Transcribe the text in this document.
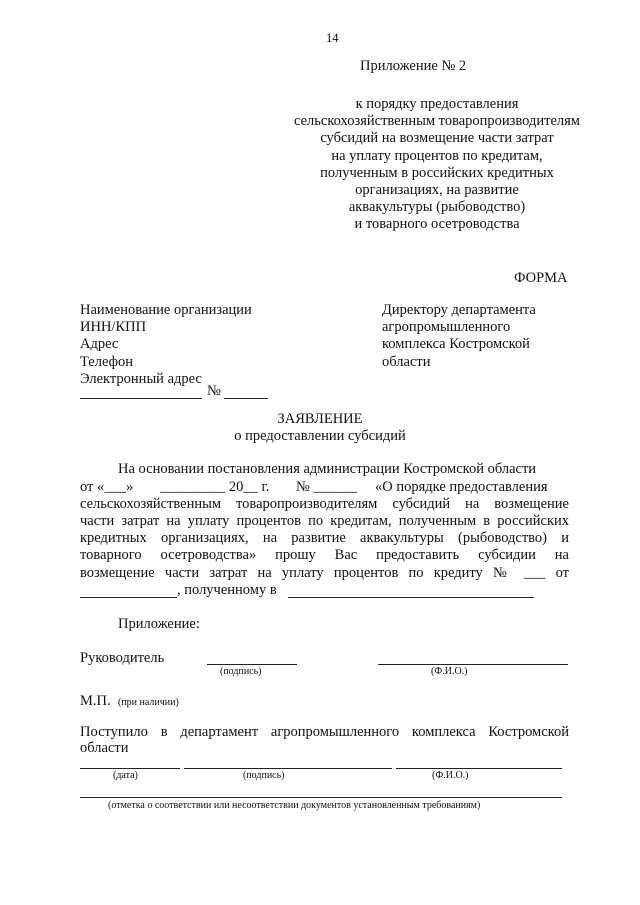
14
Приложение № 2
к порядку предоставления
сельскохозяйственным товаропроизводителям
субсидий на возмещение части затрат
на уплату процентов по кредитам,
полученным в российских кредитных
организациях, на развитие
аквакультуры (рыбоводство)
и товарного осетроводства
ФОРМА
Наименование организации
ИНН/КПП
Адрес
Телефон
Электронный адрес
№
Директору департамента
агропромышленного
комплекса Костромской
области
ЗАЯВЛЕНИЕ
о предоставлении субсидий
На основании постановления администрации Костромской области
от «___» _________ 20__ г. № ______ «О порядке предоставления
сельскохозяйственным товаропроизводителям субсидий на возмещение
части затрат на уплату процентов по кредитам, полученным в российских
кредитных организациях, на развитие аквакультуры (рыбоводство) и
товарного осетроводства» прошу Вас предоставить субсидии на
возмещение части затрат на уплату процентов по кредиту № ___ от
, полученному в
Приложение:
Руководитель
(подпись)	(Ф.И.О.)
М.П. (при наличии)
Поступило в департамент агропромышленного комплекса Костромской
области
(дата)	(подпись)	(Ф.И.О.)
(отметка о соответствии или несоответствии документов установленным требованиям)
